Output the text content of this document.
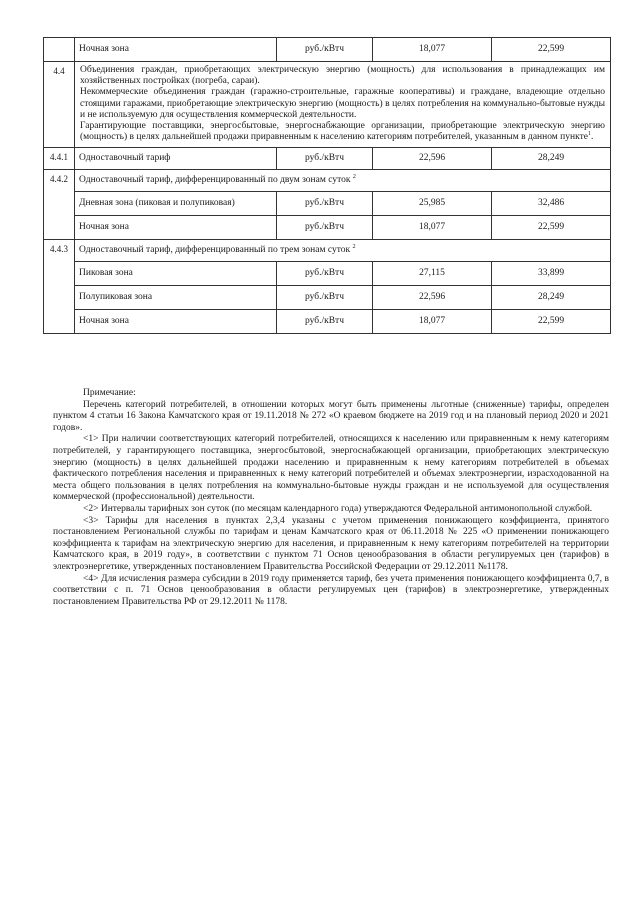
	Ночная зона	руб./кВтч	18,077	22,599
4.4	Объединения граждан, приобретающих электрическую энергию (мощность) для использования в принадлежащих им хозяйственных постройках (погреба, сараи).

Некоммерческие объединения граждан (гаражно-строительные, гаражные кооперативы) и граждане, владеющие отдельно стоящими гаражами, приобретающие электрическую энергию (мощность) в целях потребления на коммунально-бытовые нужды и не используемую для осуществления коммерческой деятельности.

Гарантирующие поставщики, энергосбытовые, энергоснабжающие организации, приобретающие электрическую энергию (мощность) в целях дальнейшей продажи приравненным к населению категориям потребителей, указанным в данном пункте$^1$.			

4.4.1	Одноставочный тариф	руб./кВтч	22,596	28,249
4.4.2	Одноставочный тариф, дифференцированный по двум зонам суток $^2$
	Дневная зона (пиковая и полупиковая)	руб./кВтч	25,985	32,486
	Ночная зона	руб./кВтч	18,077	22,599
4.4.3	Одноставочный тариф, дифференцированный по трем зонам суток $^2$
	Пиковая зона	руб./кВтч	27,115	33,899
	Полупиковая зона	руб./кВтч	22,596	28,249
	Ночная зона	руб./кВтч	18,077	22,599

Примечание:

Перечень категорий потребителей, в отношении которых могут быть применены льготные (сниженные) тарифы, определен пунктом 4 статьи 16 Закона Камчатского края от 19.11.2018 № 272 «О краевом бюджете на 2019 год и на плановый период 2020 и 2021 годов».

<1> При наличии соответствующих категорий потребителей, относящихся к населению или приравненным к нему категориям потребителей, у гарантирующего поставщика, энергосбытовой, энергоснабжающей организации, приобретающих электрическую энергию (мощность) в целях дальнейшей продажи населению и приравненным к нему категориям потребителей в объемах фактического потребления населения и приравненных к нему категорий потребителей и объемах электроэнергии, израсходованной на места общего пользования в целях потребления на коммунально-бытовые нужды граждан и не используемой для осуществления коммерческой (профессиональной) деятельности.

<2> Интервалы тарифных зон суток (по месяцам календарного года) утверждаются Федеральной антимонопольной службой.

<3> Тарифы для населения в пунктах 2,3,4 указаны с учетом применения понижающего коэффициента, принятого постановлением Региональной службы по тарифам и ценам Камчатского края от 06.11.2018 № 225 «О применении понижающего коэффициента к тарифам на электрическую энергию для населения, и приравненным к нему категориям потребителей на территории Камчатского края, в 2019 году», в соответствии с пунктом 71 Основ ценообразования в области регулируемых цен (тарифов) в электроэнергетике, утвержденных постановлением Правительства Российской Федерации от 29.12.2011 №1178.

<4> Для исчисления размера субсидии в 2019 году применяется тариф, без учета применения понижающего коэффициента 0,7, в соответствии с п. 71 Основ ценообразования в области регулируемых цен (тарифов) в электроэнергетике, утвержденных постановлением Правительства РФ от 29.12.2011 № 1178.
